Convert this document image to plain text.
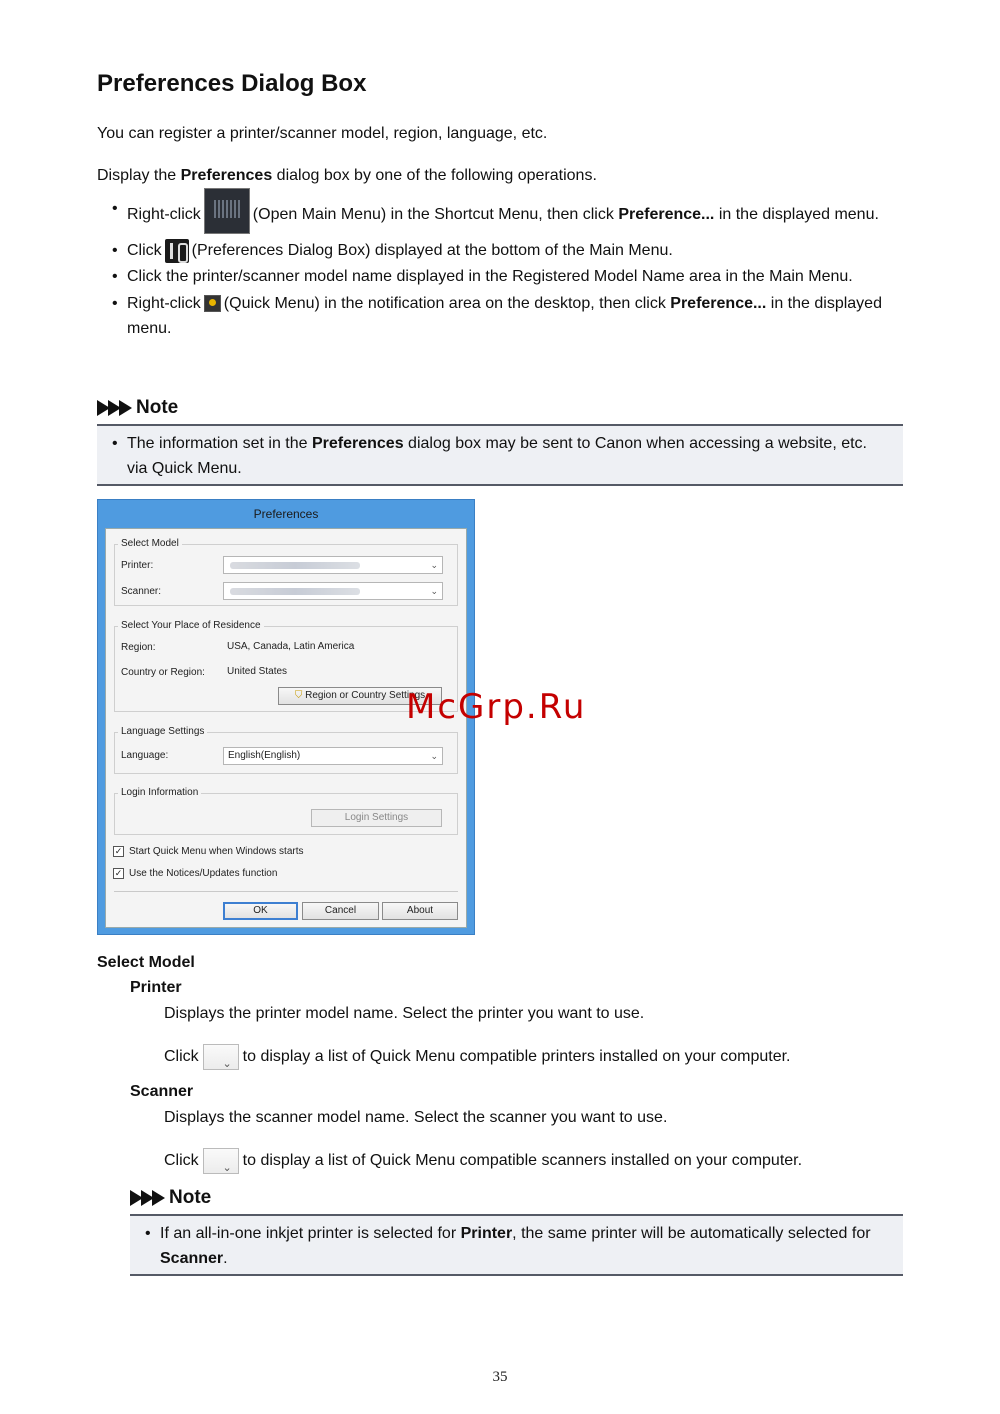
Preferences Dialog Box
You can register a printer/scanner model, region, language, etc.
Display the Preferences dialog box by one of the following operations.
• Right-click	(Open Main Menu) in the Shortcut Menu, then click Preference... in the displayed menu.
• Click (Preferences Dialog Box) displayed at the bottom of the Main Menu.
• Click the printer/scanner model name displayed in the Registered Model Name area in the Main Menu.
• Right-click (Quick Menu) in the notification area on the desktop, then click Preference... in the displayed menu.
Note
• The information set in the Preferences dialog box may be sent to Canon when accessing a website, etc. via Quick Menu.
Preferences
Select Model
Printer:	⌄
Scanner:	⌄
Select Your Place of Residence
Region:	USA, Canada, Latin America
Country or Region: United States
⛉ Region or Country Settings
Language Settings
Language:	English(English)	⌄
Login Information
Login Settings
✓ Start Quick Menu when Windows starts
✓ Use the Notices/Updates function
OK	Cancel	About
McGrp.Ru
Select Model
Printer
Displays the printer model name. Select the printer you want to use.
Click ⌄	to display a list of Quick Menu compatible printers installed on your computer.
Scanner
Displays the scanner model name. Select the scanner you want to use.
Click ⌄	to display a list of Quick Menu compatible scanners installed on your computer.
Note
• If an all-in-one inkjet printer is selected for Printer, the same printer will be automatically selected for Scanner.
35
